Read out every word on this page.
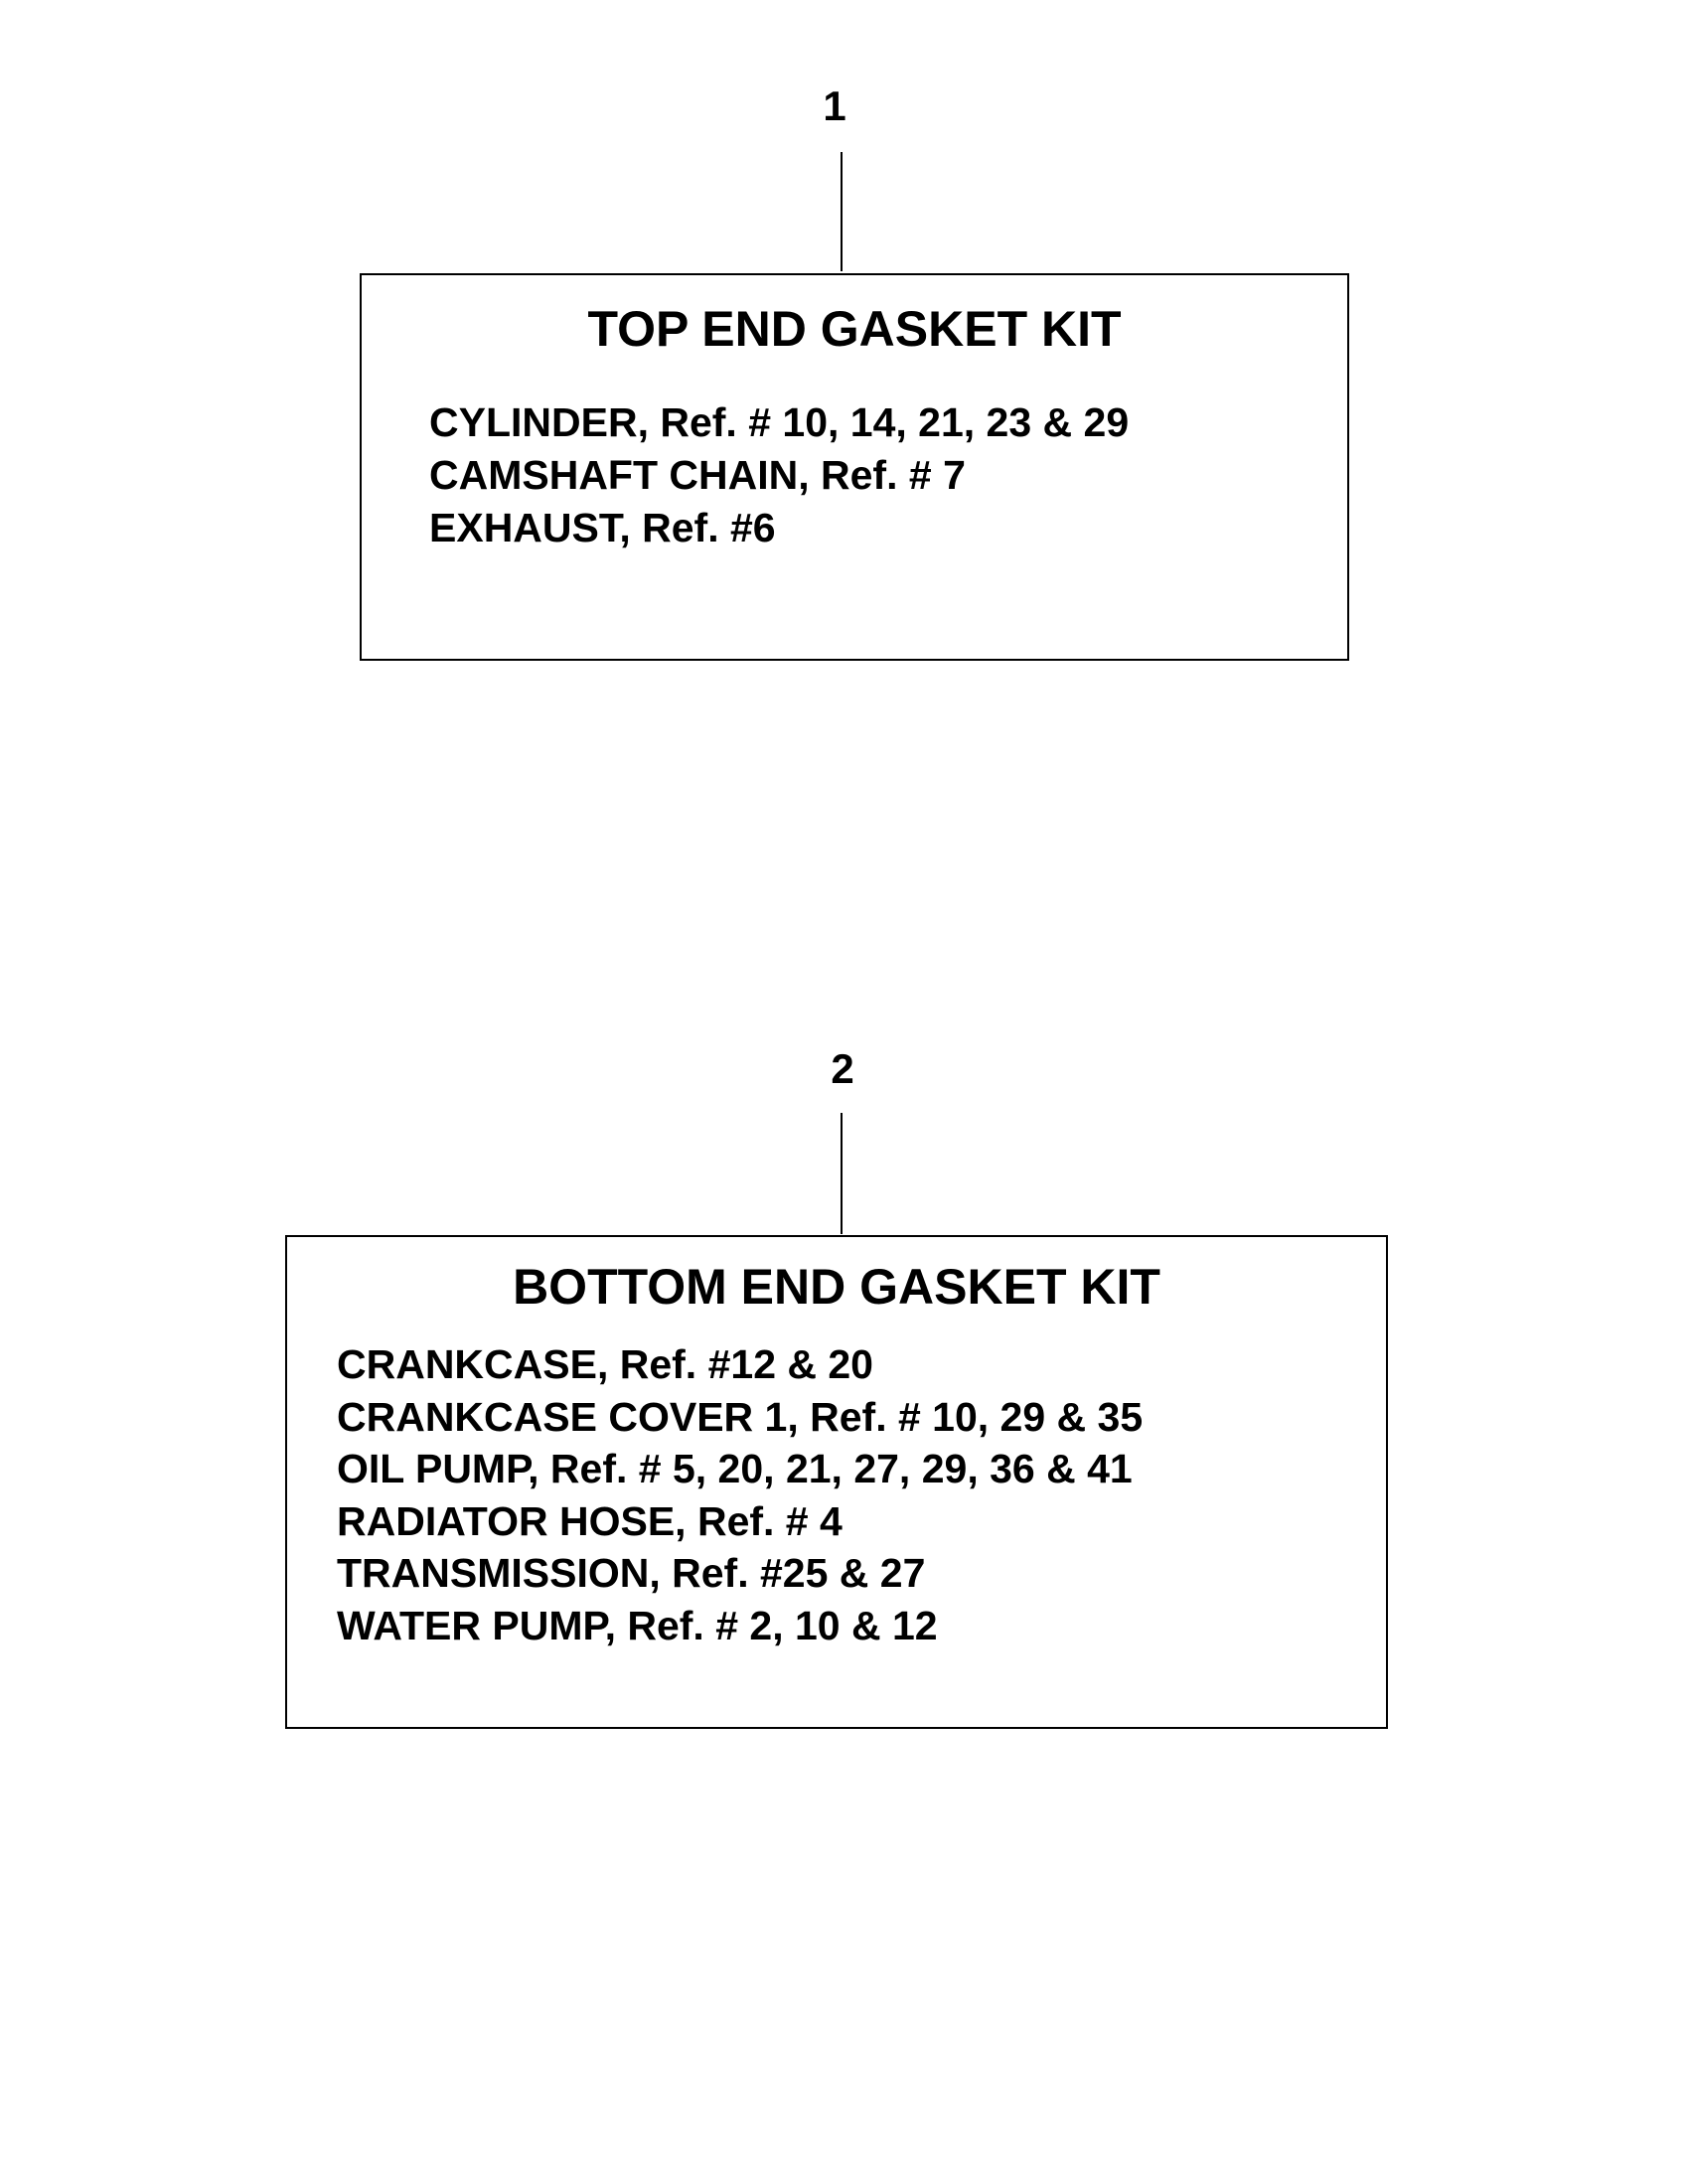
1
TOP END GASKET KIT
CYLINDER, Ref. # 10, 14, 21, 23 & 29
CAMSHAFT CHAIN, Ref. # 7
EXHAUST, Ref. #6
2
BOTTOM END GASKET KIT
CRANKCASE, Ref. #12 & 20
CRANKCASE COVER 1, Ref. # 10, 29 & 35
OIL PUMP, Ref. # 5, 20, 21, 27, 29, 36 & 41
RADIATOR HOSE, Ref. # 4
TRANSMISSION, Ref. #25 & 27
WATER PUMP, Ref. # 2, 10 & 12
